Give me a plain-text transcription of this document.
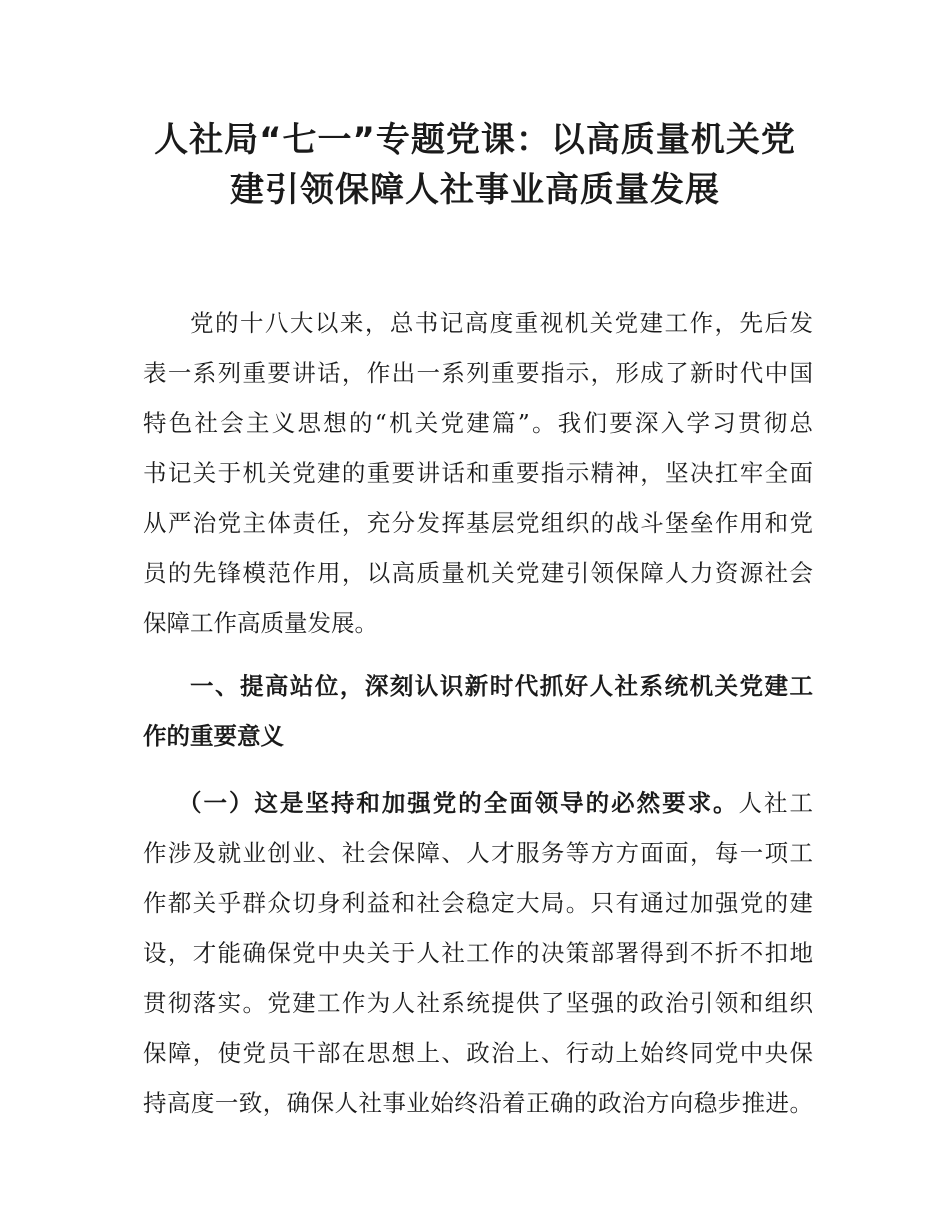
人社局“七一”专题党课：以高质量机关党
建引领保障人社事业高质量发展
党的十八大以来，总书记高度重视机关党建工作，先后发
表一系列重要讲话，作出一系列重要指示，形成了新时代中国
特色社会主义思想的“机关党建篇”。我们要深入学习贯彻总
书记关于机关党建的重要讲话和重要指示精神，坚决扛牢全面
从严治党主体责任，充分发挥基层党组织的战斗堡垒作用和党
员的先锋模范作用，以高质量机关党建引领保障人力资源社会
保障工作高质量发展。
一、提高站位，深刻认识新时代抓好人社系统机关党建工
作的重要意义
（一）这是坚持和加强党的全面领导的必然要求。人社工
作涉及就业创业、社会保障、人才服务等方方面面，每一项工
作都关乎群众切身利益和社会稳定大局。只有通过加强党的建
设，才能确保党中央关于人社工作的决策部署得到不折不扣地
贯彻落实。党建工作为人社系统提供了坚强的政治引领和组织
保障，使党员干部在思想上、政治上、行动上始终同党中央保
持高度一致，确保人社事业始终沿着正确的政治方向稳步推进。
